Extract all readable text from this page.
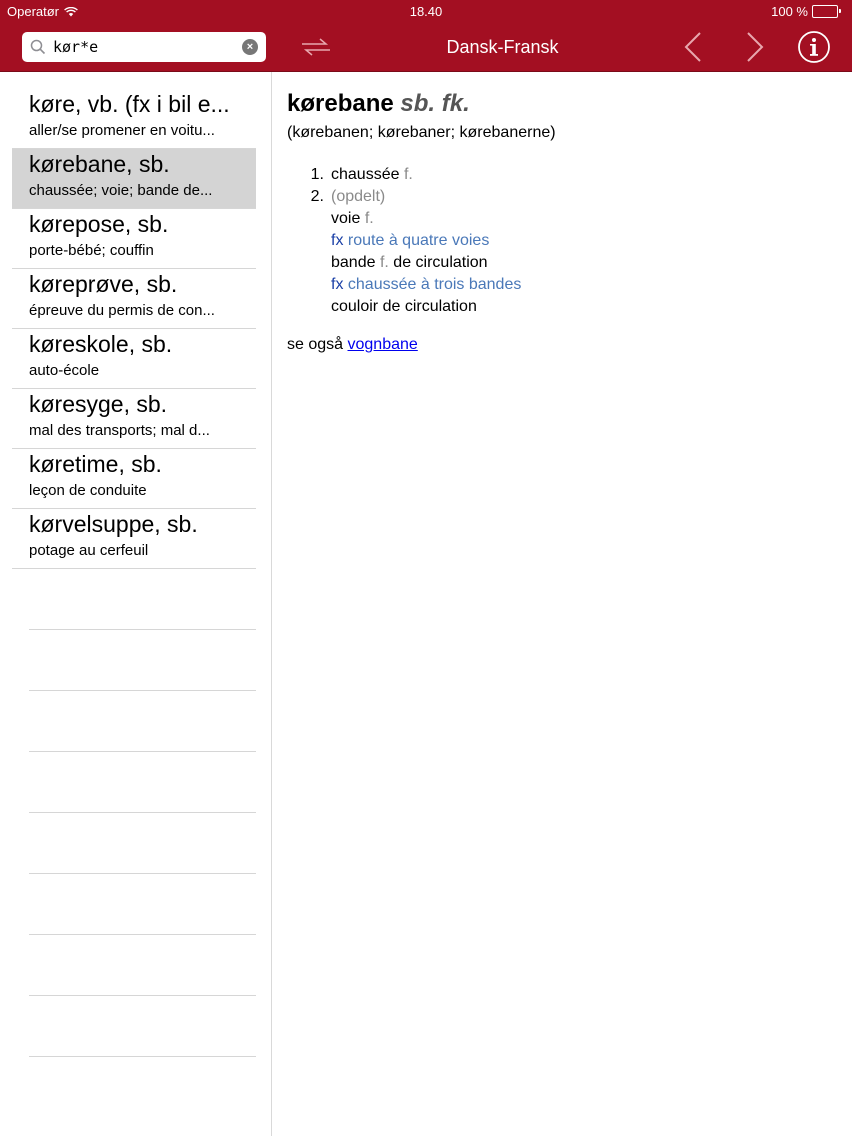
Operatør	18.40	100 %
kør*e
×	Dansk-Fransk
køre, vb. (fx i bil e...
aller/se promener en voitu...
kørebane, sb.
chaussée; voie; bande de...
kørepose, sb.
porte-bébé; couffin
køreprøve, sb.
épreuve du permis de con...
køreskole, sb.
auto-école
køresyge, sb.
mal des transports; mal d...
køretime, sb.
leçon de conduite
kørvelsuppe, sb.
potage au cerfeuil
kørebane sb. fk.
(kørebanen; kørebaner; kørebanerne)
1. chaussée f.
2. (opdelt)
voie f.
fx route à quatre voies
bande f. de circulation
fx chaussée à trois bandes
couloir de circulation
se også vognbane
